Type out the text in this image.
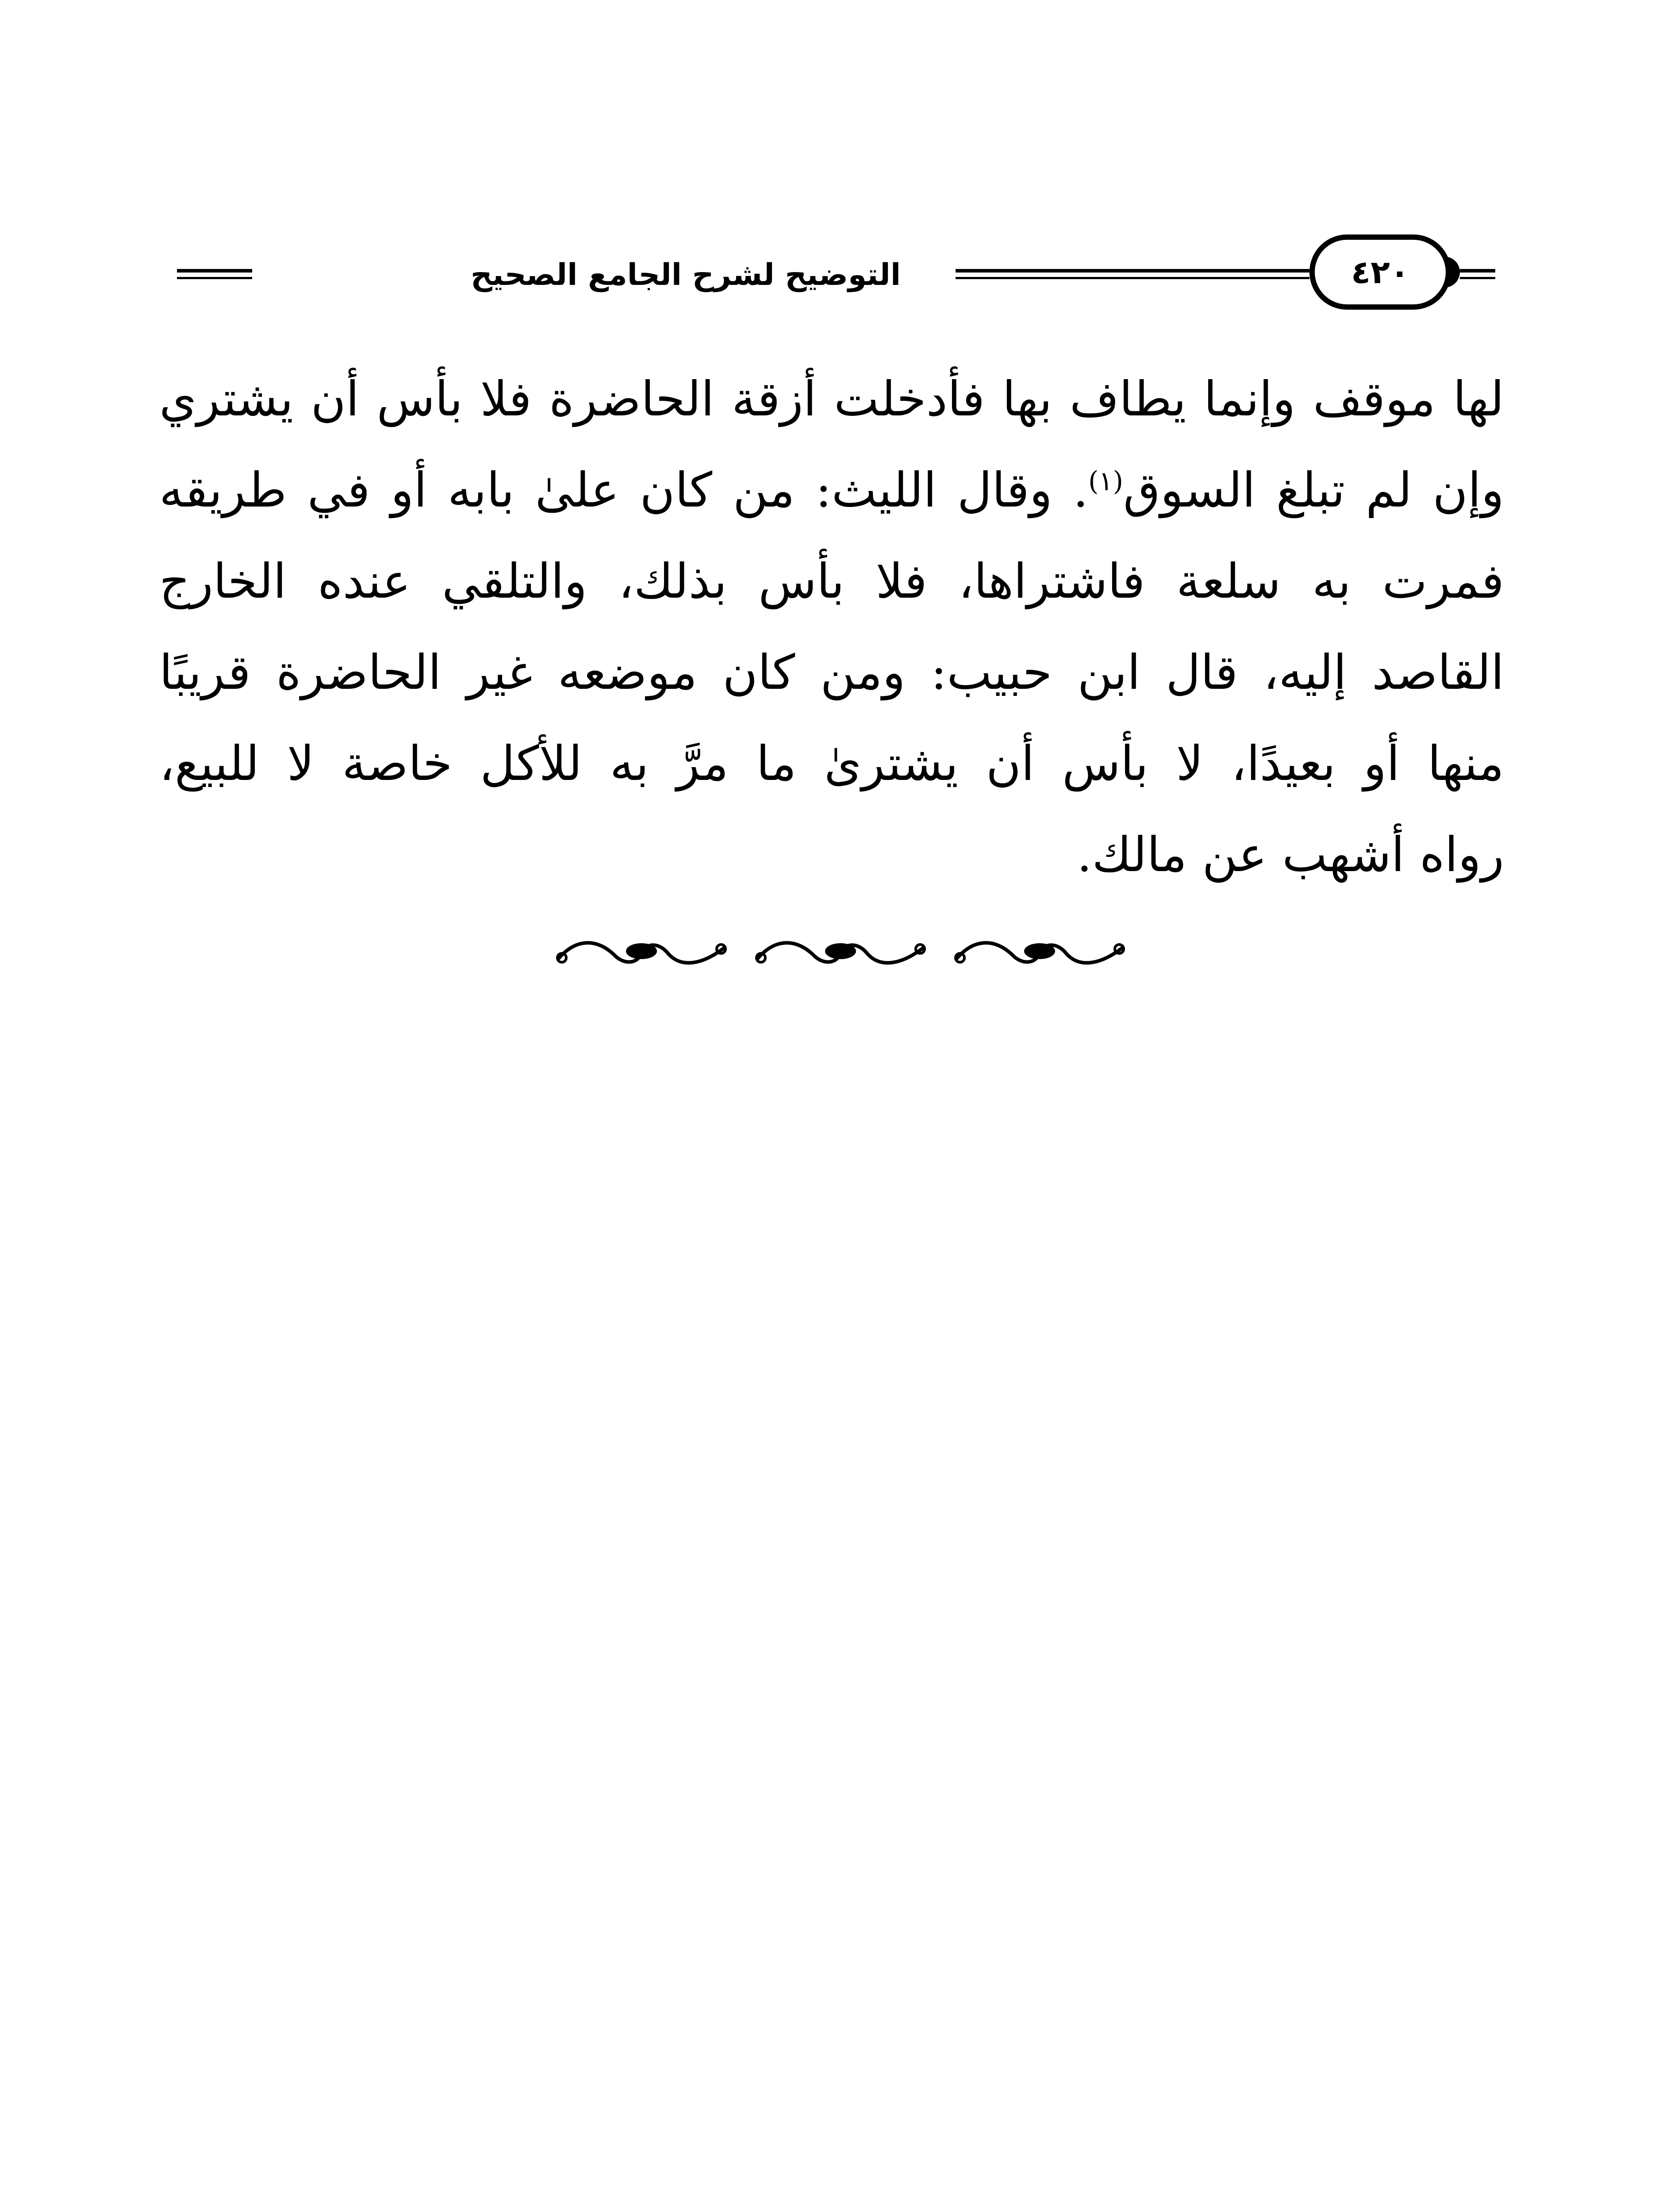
التوضيح لشرح الجامع الصحيح	٤٢٠
لها موقف وإنما يطاف بها فأدخلت أزقة الحاضرة فلا بأس أن يشتري
وإن لم تبلغ السوق$^{(١)}$. وقال الليث: من كان علىٰ بابه أو في طريقه
فمرت به سلعة فاشتراها، فلا بأس بذلك، والتلقي عنده الخارج
القاصد إليه، قال ابن حبيب: ومن كان موضعه غير الحاضرة قريبًا
منها أو بعيدًا، لا بأس أن يشترىٰ ما مرَّ به للأكل خاصة لا للبيع،
رواه أشهب عن مالك.
